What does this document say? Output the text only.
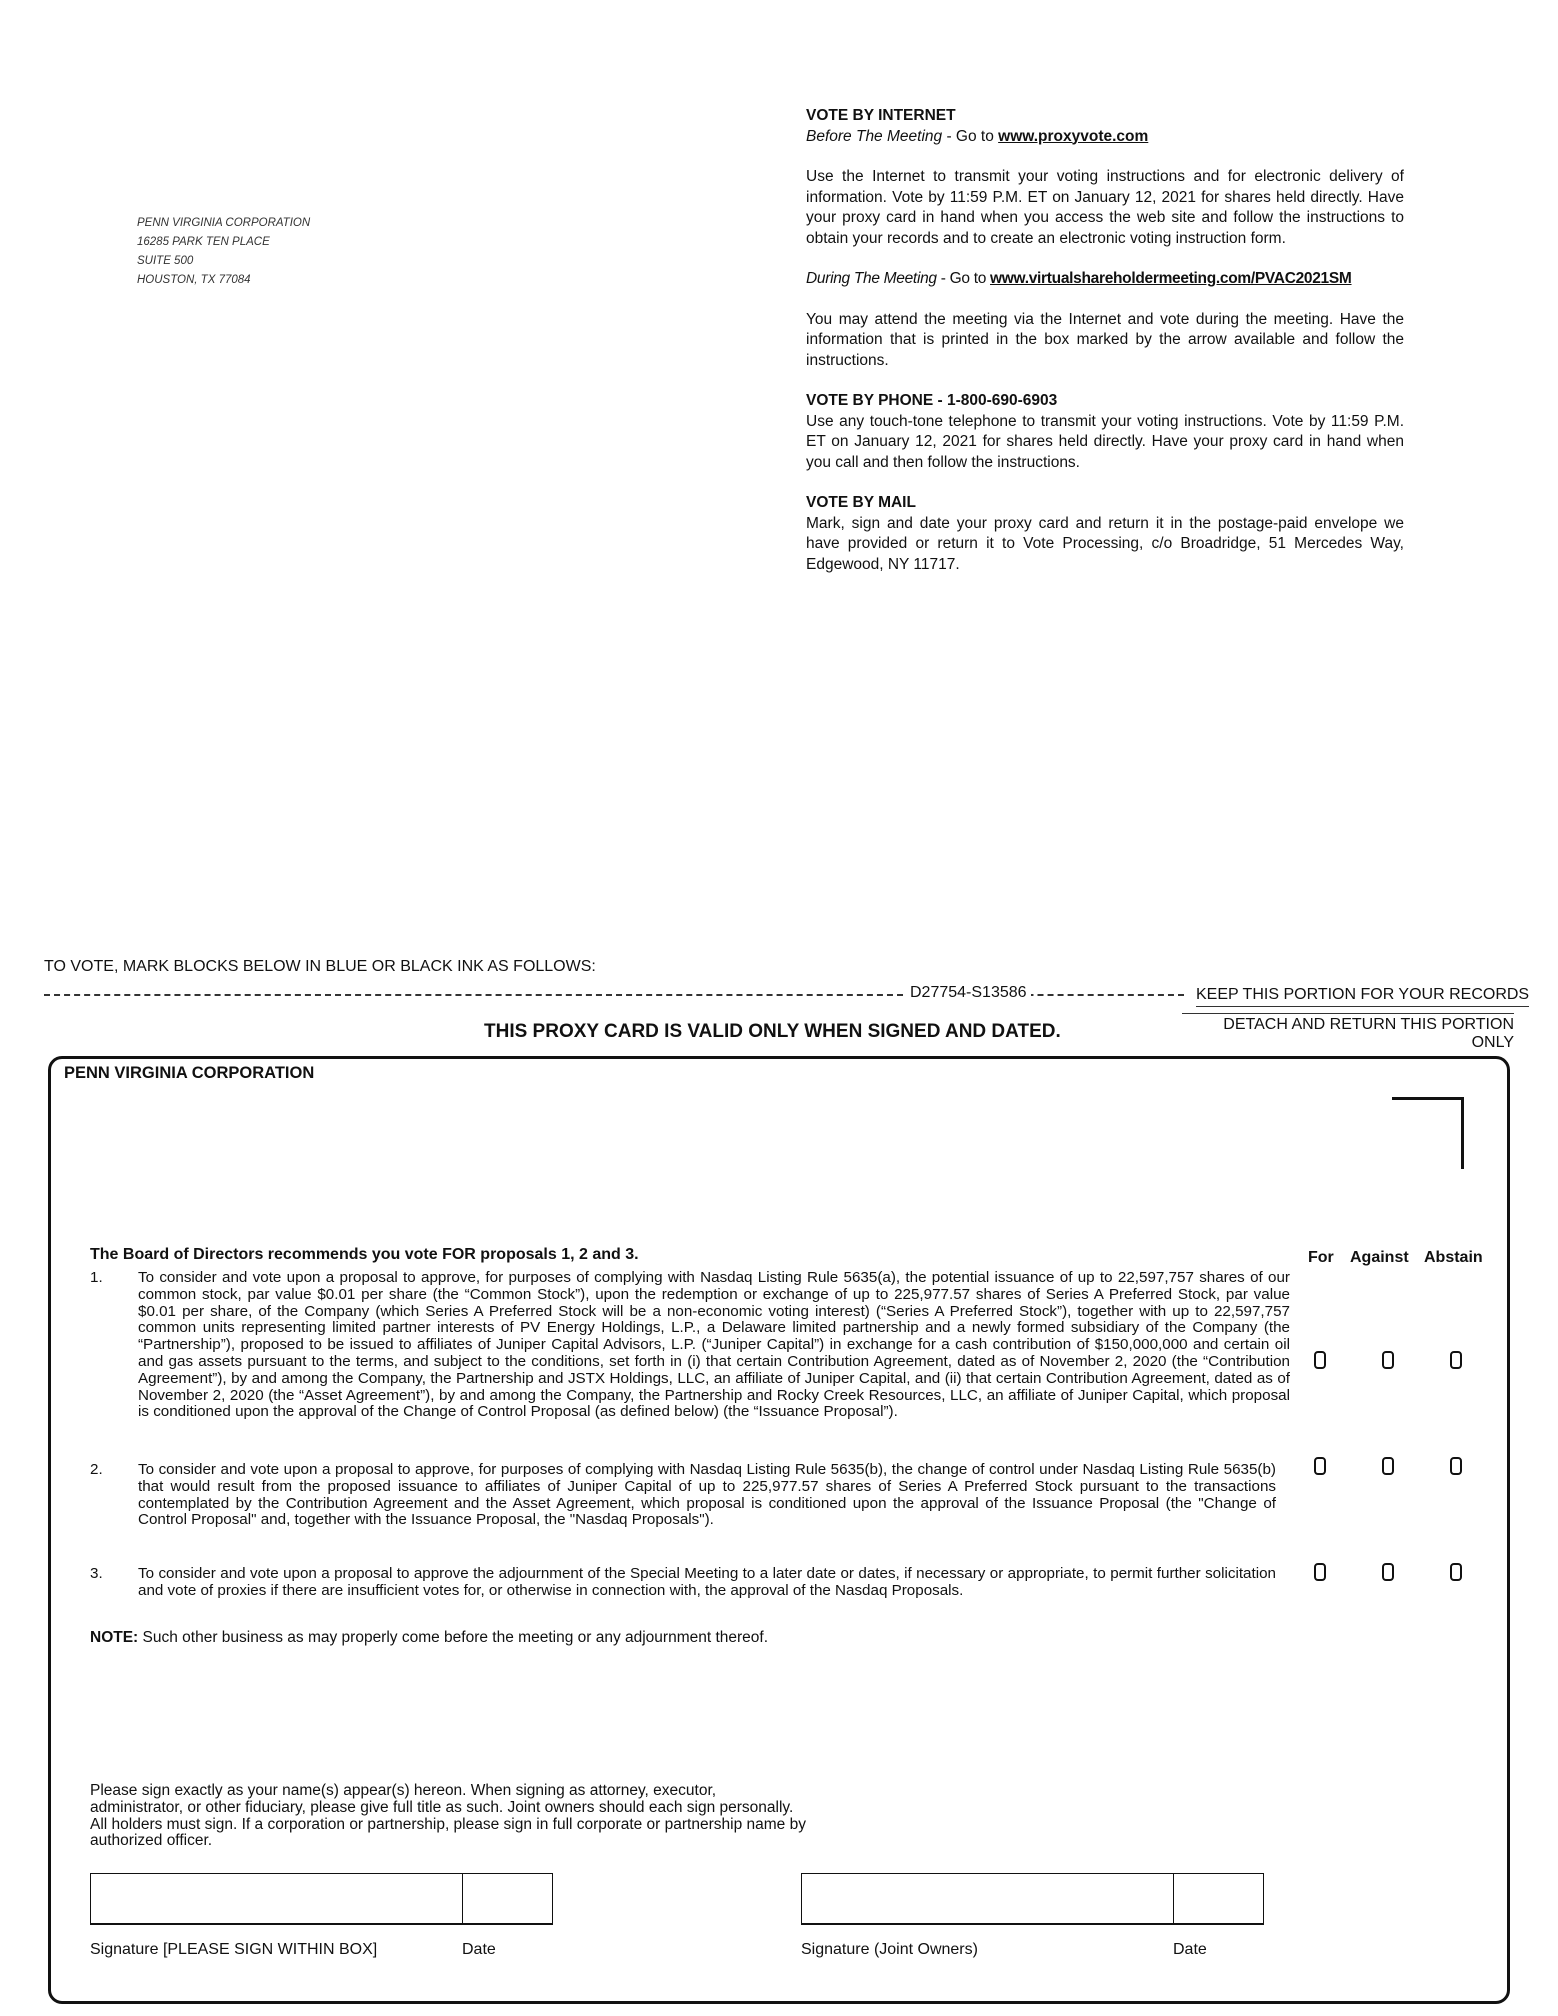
PENN VIRGINIA CORPORATION
16285 PARK TEN PLACE
SUITE 500
HOUSTON, TX 77084
VOTE BY INTERNET

Before The Meeting - Go to www.proxyvote.com

Use the Internet to transmit your voting instructions and for electronic delivery of information. Vote by 11:59 P.M. ET on January 12, 2021 for shares held directly. Have your proxy card in hand when you access the web site and follow the instructions to obtain your records and to create an electronic voting instruction form.

During The Meeting - Go to www.virtualshareholdermeeting.com/PVAC2021SM

You may attend the meeting via the Internet and vote during the meeting. Have the information that is printed in the box marked by the arrow available and follow the instructions.

VOTE BY PHONE - 1-800-690-6903

Use any touch-tone telephone to transmit your voting instructions. Vote by 11:59 P.M. ET on January 12, 2021 for shares held directly. Have your proxy card in hand when you call and then follow the instructions.

VOTE BY MAIL

Mark, sign and date your proxy card and return it in the postage-paid envelope we have provided or return it to Vote Processing, c/o Broadridge, 51 Mercedes Way, Edgewood, NY 11717.

TO VOTE, MARK BLOCKS BELOW IN BLUE OR BLACK INK AS FOLLOWS:
D27754-S13586	KEEP THIS PORTION FOR YOUR RECORDS
DETACH AND RETURN THIS PORTION ONLY
THIS PROXY CARD IS VALID ONLY WHEN SIGNED AND DATED.
PENN VIRGINIA CORPORATION
The Board of Directors recommends you vote FOR proposals 1, 2 and 3.	For Against Abstain
1. To consider and vote upon a proposal to approve, for purposes of complying with Nasdaq Listing Rule 5635(a), the potential issuance of up to 22,597,757 shares of our common stock, par value $0.01 per share (the “Common Stock”), upon the redemption or exchange of up to 225,977.57 shares of Series A Preferred Stock, par value $0.01 per share, of the Company (which Series A Preferred Stock will be a non-economic voting interest) (“Series A Preferred Stock”), together with up to 22,597,757 common units representing limited partner interests of PV Energy Holdings, L.P., a Delaware limited partnership and a newly formed subsidiary of the Company (the “Partnership”), proposed to be issued to affiliates of Juniper Capital Advisors, L.P. (“Juniper Capital”) in exchange for a cash contribution of $150,000,000 and certain oil and gas assets pursuant to the terms, and subject to the conditions, set forth in (i) that certain Contribution Agreement, dated as of November 2, 2020 (the “Contribution Agreement”), by and among the Company, the Partnership and JSTX Holdings, LLC, an affiliate of Juniper Capital, and (ii) that certain Contribution Agreement, dated as of November 2, 2020 (the “Asset Agreement”), by and among the Company, the Partnership and Rocky Creek Resources, LLC, an affiliate of Juniper Capital, which proposal is conditioned upon the approval of the Change of Control Proposal (as defined below) (the “Issuance Proposal”).
2. To consider and vote upon a proposal to approve, for purposes of complying with Nasdaq Listing Rule 5635(b), the change of control under Nasdaq Listing Rule 5635(b) that would result from the proposed issuance to affiliates of Juniper Capital of up to 225,977.57 shares of Series A Preferred Stock pursuant to the transactions contemplated by the Contribution Agreement and the Asset Agreement, which proposal is conditioned upon the approval of the Issuance Proposal (the "Change of Control Proposal" and, together with the Issuance Proposal, the "Nasdaq Proposals").
3. To consider and vote upon a proposal to approve the adjournment of the Special Meeting to a later date or dates, if necessary or appropriate, to permit further solicitation and vote of proxies if there are insufficient votes for, or otherwise in connection with, the approval of the Nasdaq Proposals.
NOTE: Such other business as may properly come before the meeting or any adjournment thereof.
Please sign exactly as your name(s) appear(s) hereon. When signing as attorney, executor, administrator, or other fiduciary, please give full title as such. Joint owners should each sign personally. All holders must sign. If a corporation or partnership, please sign in full corporate or partnership name by authorized officer.
Signature [PLEASE SIGN WITHIN BOX]	Date	Signature (Joint Owners)	Date
